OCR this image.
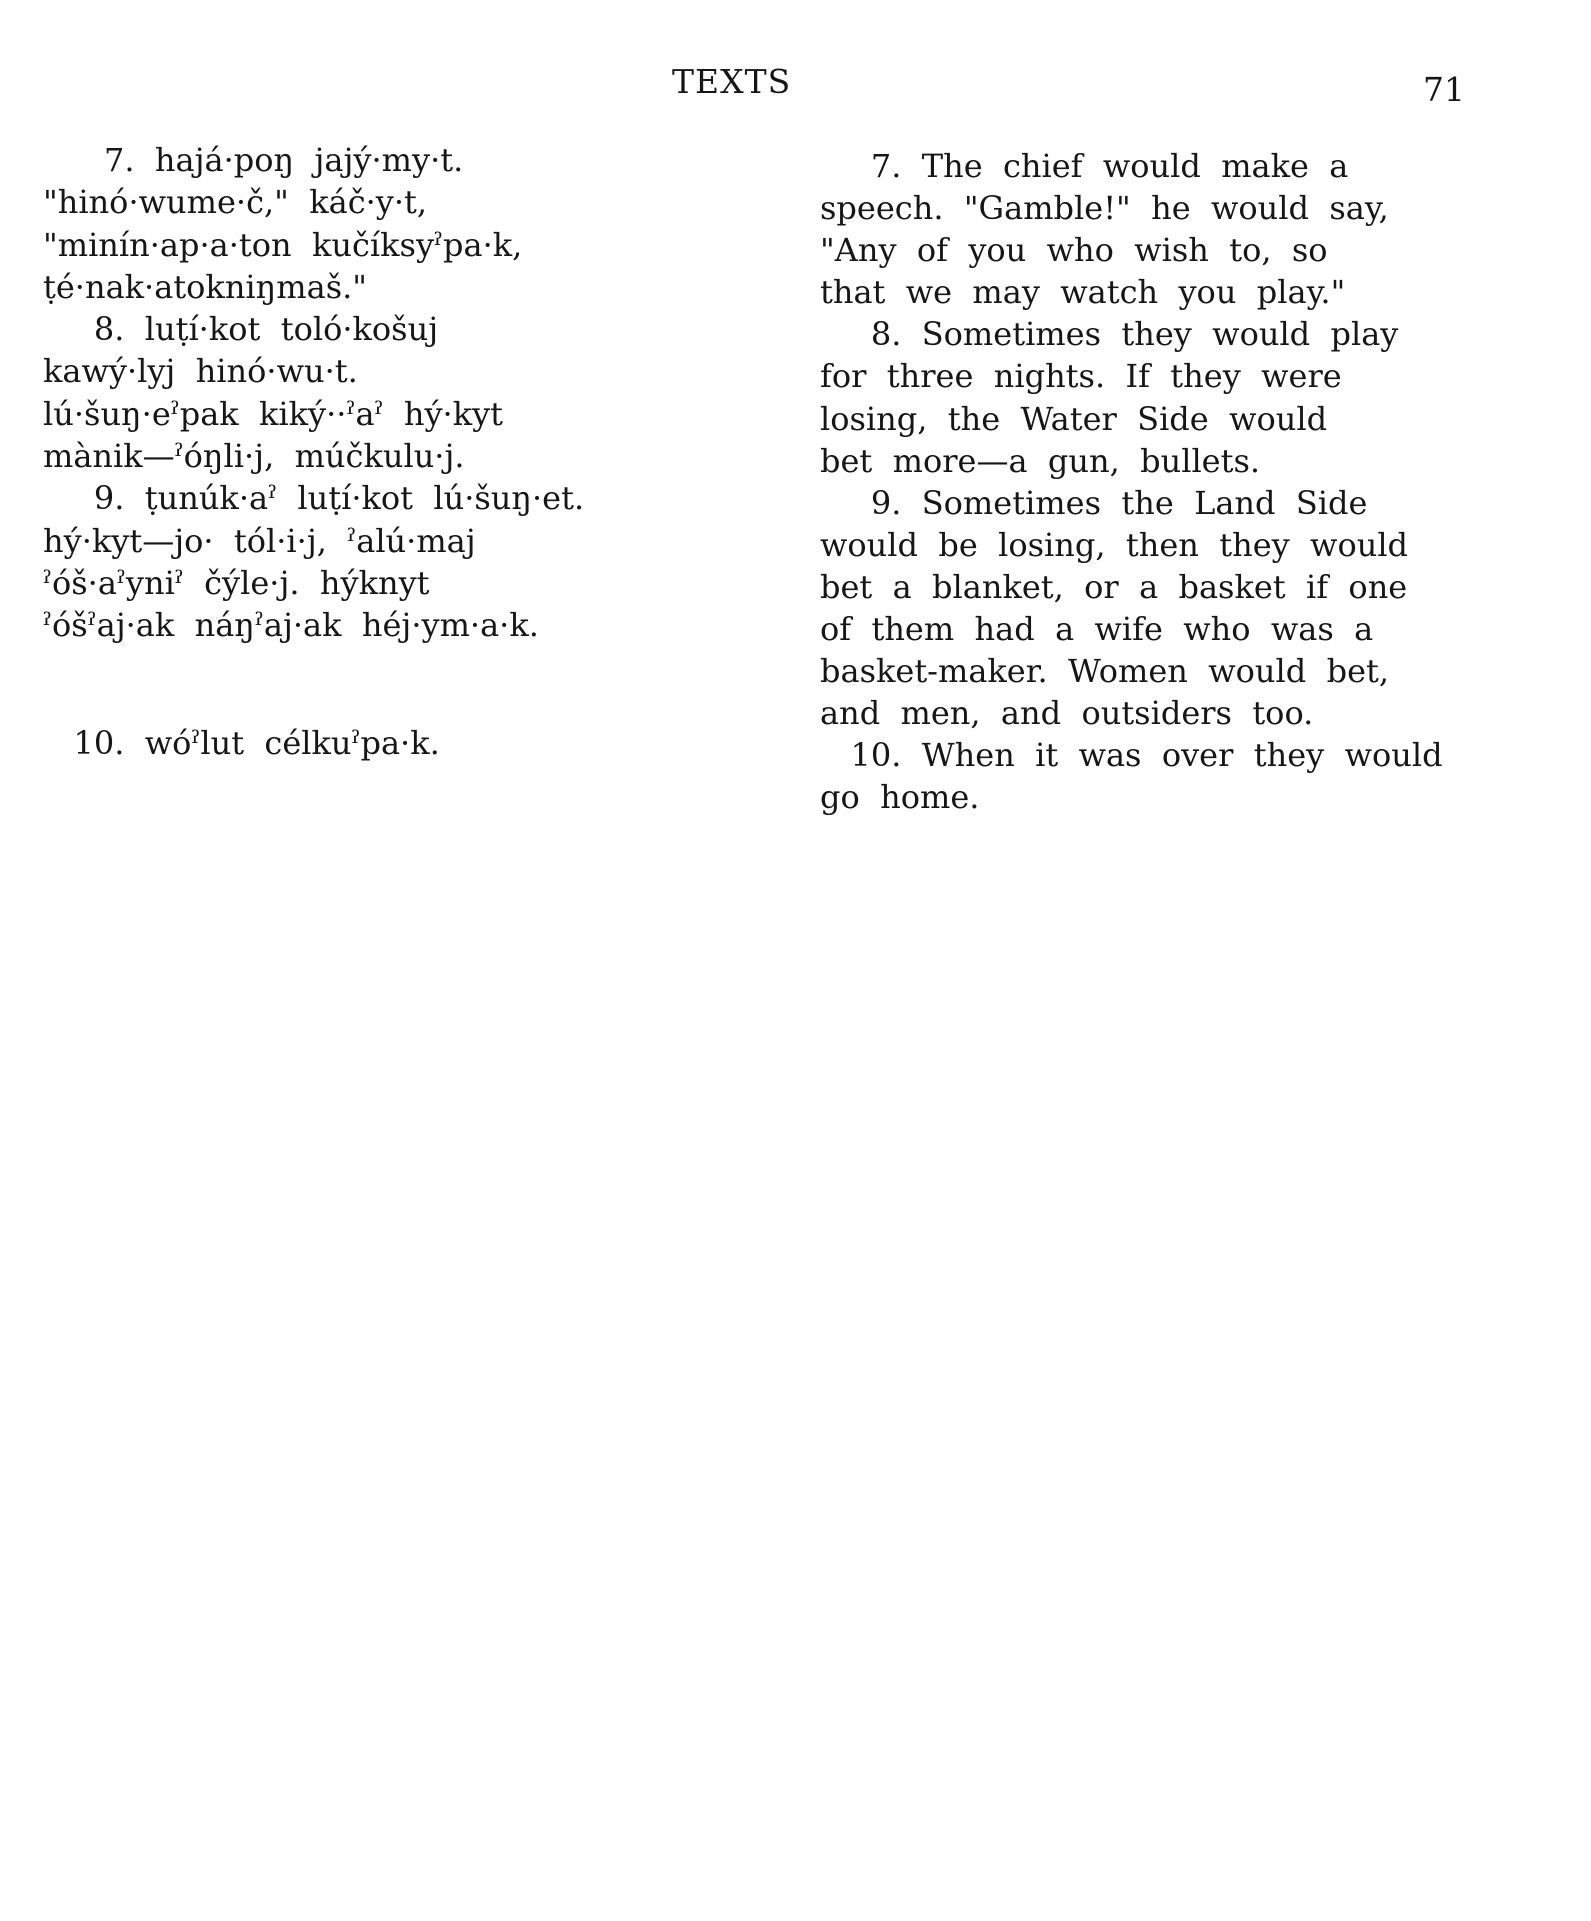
TEXTS	71
7.  hajá·poŋ  jajý·my·t.
"hinó·wume·č,"  káč·y·t,
"minín·ap·a·ton  kučíksyˀpa·k,
ṭé·nak·atokniŋmaš."
8.  luṭí·kot  toló·košuj
kawý·lyj  hinó·wu·t.
lú·šuŋ·eˀpak  kiký··ˀaˀ  hý·kyt
mànik—ˀóŋli·j,  múčkulu·j.
9.  ṭunúk·aˀ  luṭí·kot  lú·šuŋ·et.
hý·kyt—jo·  tól·i·j,  ˀalú·maj
ˀóš·aˀyniˀ  čýle·j.  hýknyt
ˀóšˀaj·ak  náŋˀaj·ak  héj·ym·a·k.
10.  wóˀlut  célkuˀpa·k.
7.  The  chief  would  make  a
speech.  "Gamble!"  he  would  say,
"Any  of  you  who  wish  to,  so
that  we  may  watch  you  play."
8.  Sometimes  they  would  play
for  three  nights.  If  they  were
losing,  the  Water  Side  would
bet  more—a  gun,  bullets.
9.  Sometimes  the  Land  Side
would  be  losing,  then  they  would
bet  a  blanket,  or  a  basket  if  one
of  them  had  a  wife  who  was  a
basket-maker.  Women  would  bet,
and  men,  and  outsiders  too.
10.  When  it  was  over  they  would
go  home.
